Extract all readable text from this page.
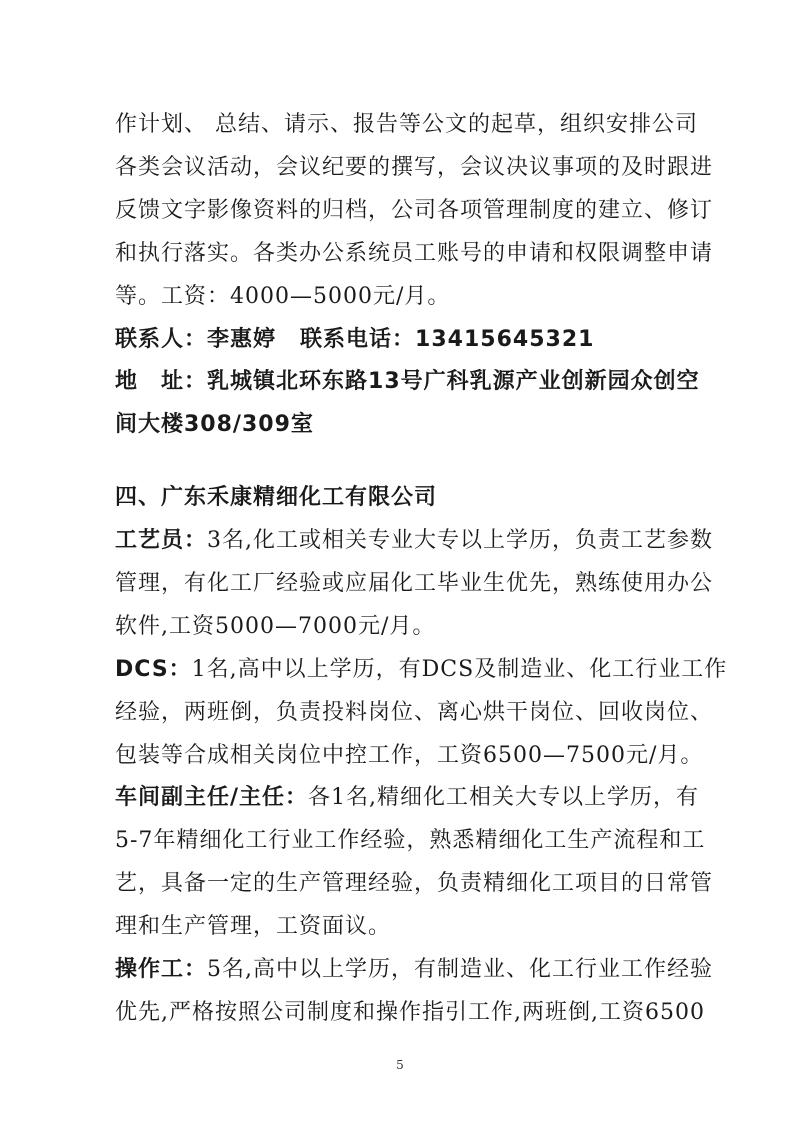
作计划、 总结、请示、报告等公文的起草，组织安排公司
各类会议活动，会议纪要的撰写，会议决议事项的及时跟进
反馈文字影像资料的归档，公司各项管理制度的建立、修订
和执行落实。各类办公系统员工账号的申请和权限调整申请
等。工资：4000—5000元/月。
联系人：李惠婷 联系电话：13415645321
地　址：乳城镇北环东路13号广科乳源产业创新园众创空
间大楼308/309室
四、广东禾康精细化工有限公司
工艺员：3名,化工或相关专业大专以上学历，负责工艺参数
管理，有化工厂经验或应届化工毕业生优先，熟练使用办公
软件,工资5000—7000元/月。
DCS：1名,高中以上学历，有DCS及制造业、化工行业工作
经验，两班倒，负责投料岗位、离心烘干岗位、回收岗位、
包装等合成相关岗位中控工作，工资6500—7500元/月。
车间副主任/主任：各1名,精细化工相关大专以上学历，有
5-7年精细化工行业工作经验，熟悉精细化工生产流程和工
艺，具备一定的生产管理经验，负责精细化工项目的日常管
理和生产管理，工资面议。
操作工：5名,高中以上学历，有制造业、化工行业工作经验
优先,严格按照公司制度和操作指引工作,两班倒,工资6500
5
